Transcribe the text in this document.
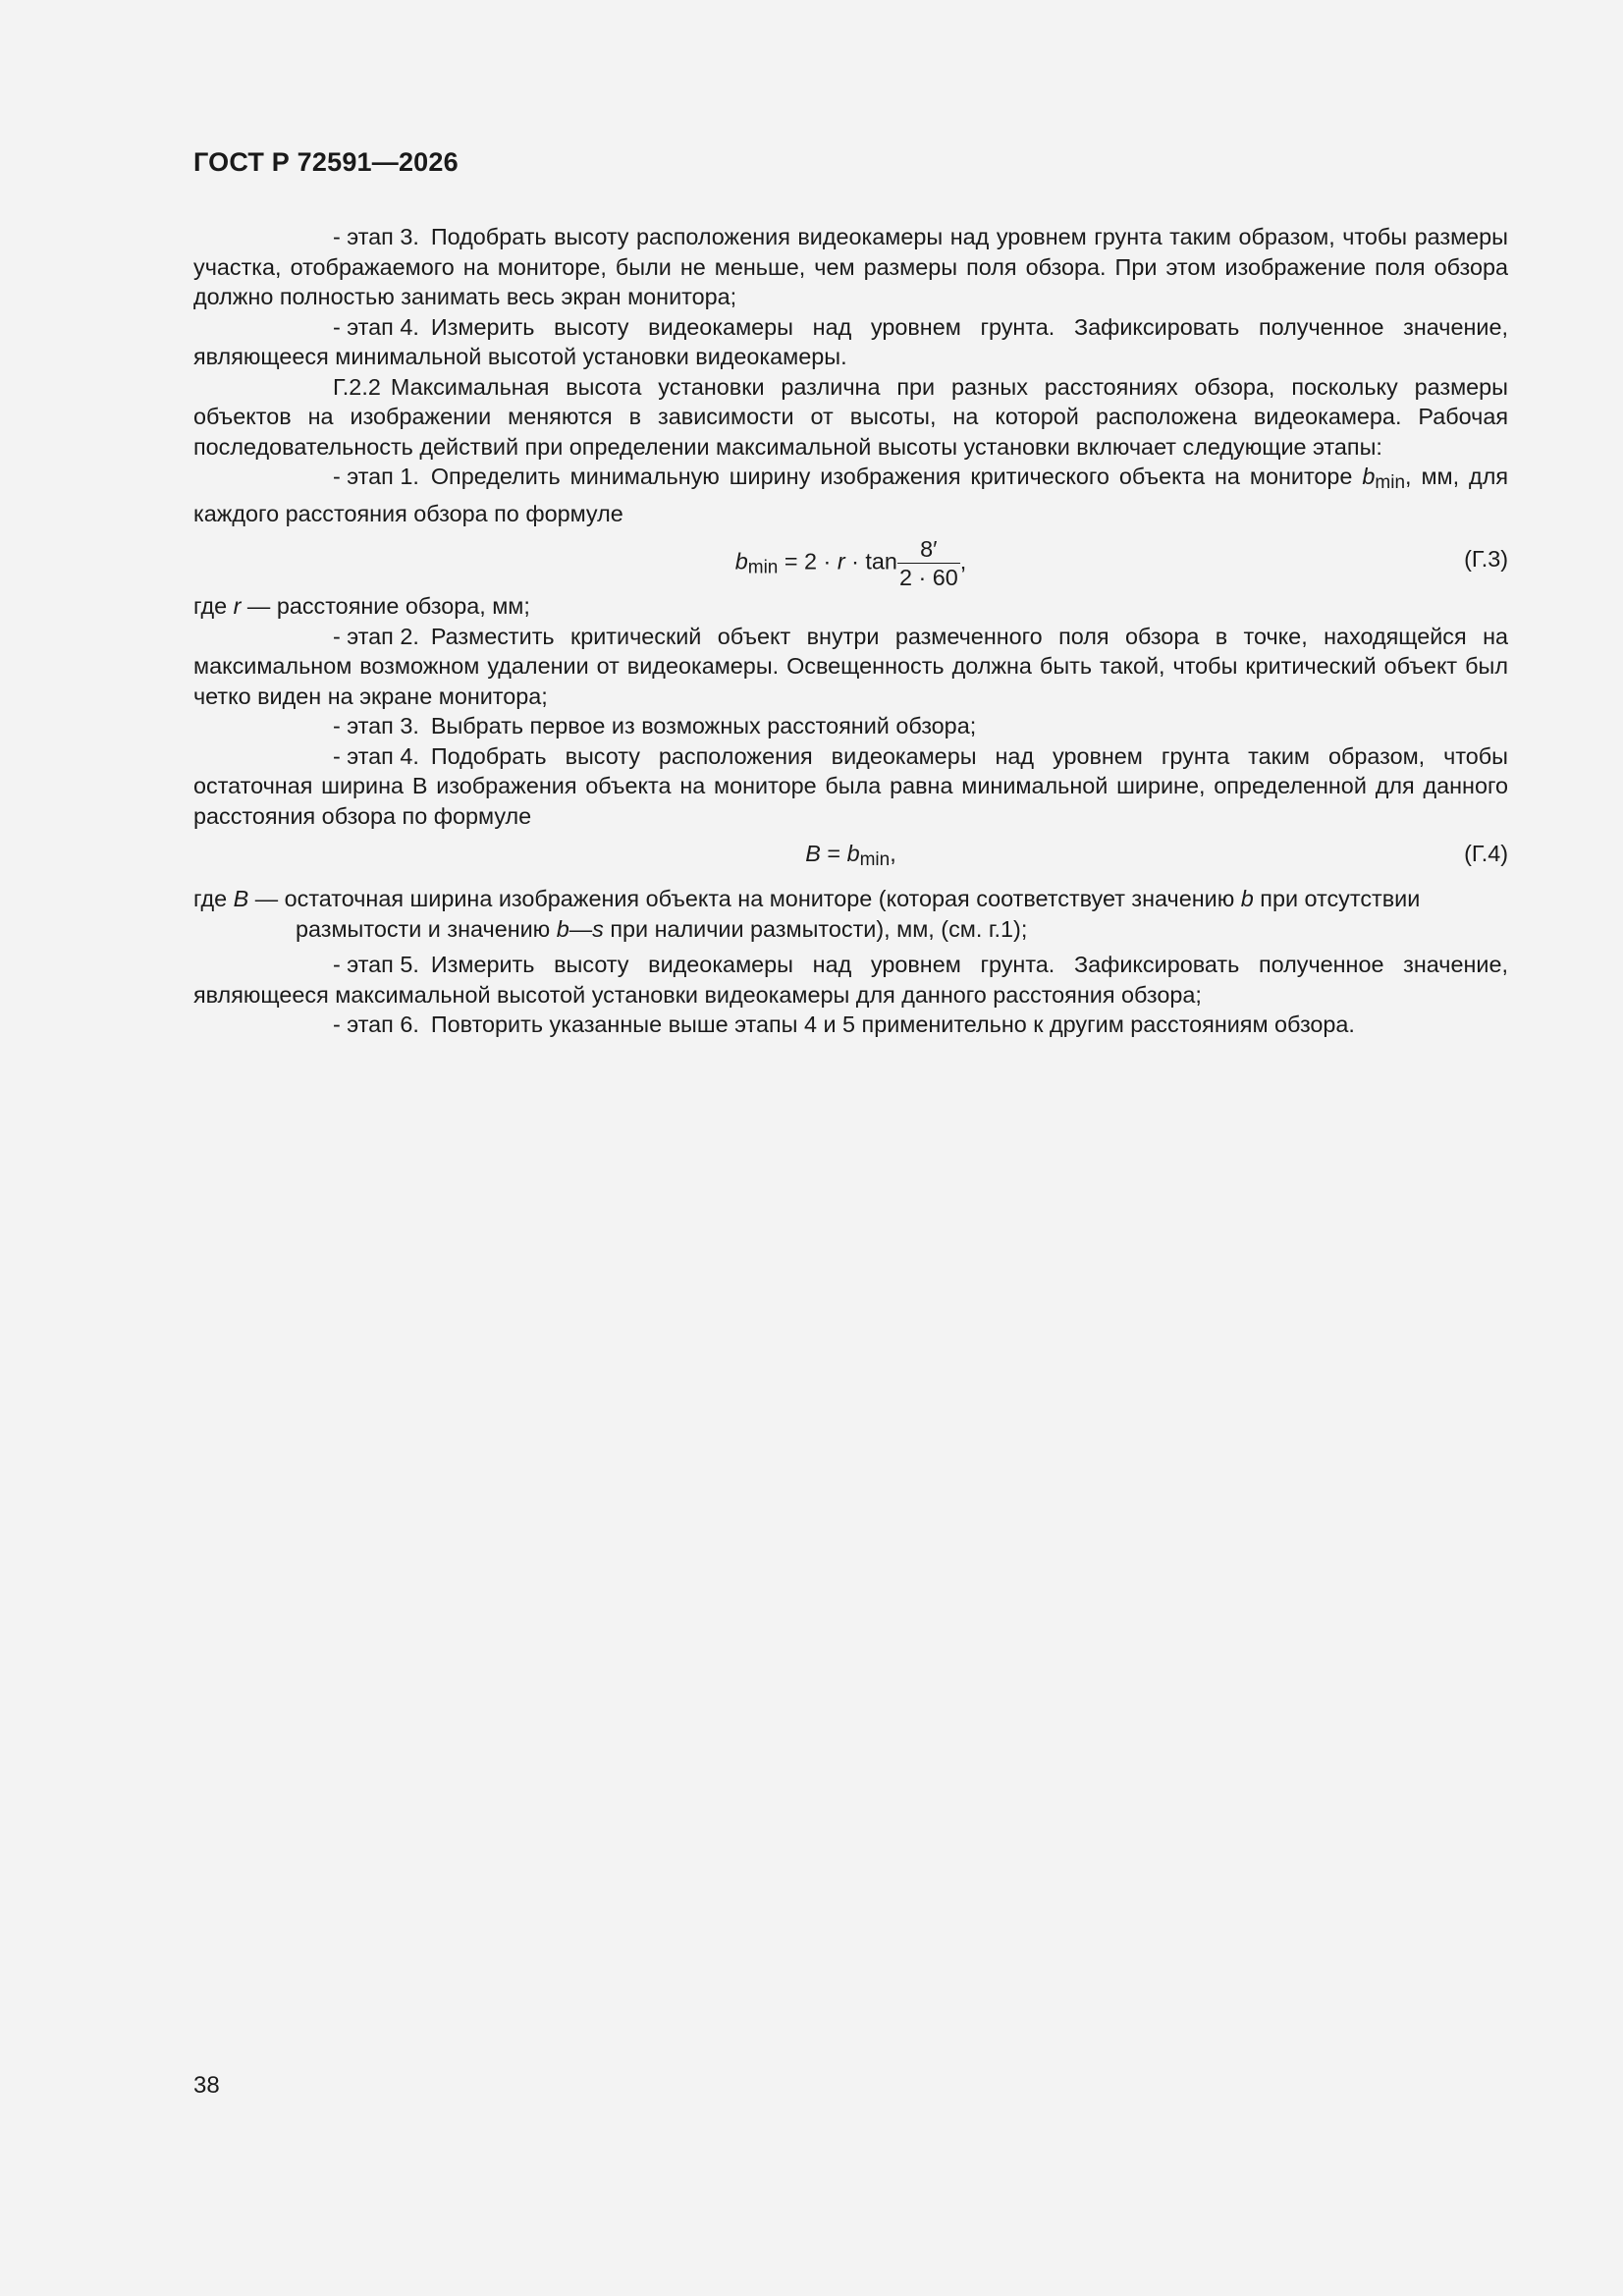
ГОСТ Р 72591—2026

- этап 3. Подобрать высоту расположения видеокамеры над уровнем грунта таким образом, чтобы размеры участка, отображаемого на мониторе, были не меньше, чем размеры поля обзора. При этом изображение поля обзора должно полностью занимать весь экран монитора;

- этап 4. Измерить высоту видеокамеры над уровнем грунта. Зафиксировать полученное значение, являющееся минимальной высотой установки видеокамеры.

Г.2.2 Максимальная высота установки различна при разных расстояниях обзора, поскольку размеры объектов на изображении меняются в зависимости от высоты, на которой расположена видеокамера. Рабочая последовательность действий при определении максимальной высоты установки включает следующие этапы:

- этап 1. Определить минимальную ширину изображения критического объекта на мониторе $b_{min}$, мм, для каждого расстояния обзора по формуле

$b_{min} = 2 \cdot r \cdot \tan \frac{8'}{2 \cdot 60}$ ,	(Г.3)

где r — расстояние обзора, мм;

- этап 2. Разместить критический объект внутри размеченного поля обзора в точке, находящейся на максимальном возможном удалении от видеокамеры. Освещенность должна быть такой, чтобы критический объект был четко виден на экране монитора;

- этап 3. Выбрать первое из возможных расстояний обзора;

- этап 4. Подобрать высоту расположения видеокамеры над уровнем грунта таким образом, чтобы остаточная ширина В изображения объекта на мониторе была равна минимальной ширине, определенной для данного расстояния обзора по формуле

$B = b_{min}$,	(Г.4)

где B — остаточная ширина изображения объекта на мониторе (которая соответствует значению b при отсутствии размытости и значению b—s при наличии размытости), мм, (см. г.1);

- этап 5. Измерить высоту видеокамеры над уровнем грунта. Зафиксировать полученное значение, являющееся максимальной высотой установки видеокамеры для данного расстояния обзора;

- этап 6. Повторить указанные выше этапы 4 и 5 применительно к другим расстояниям обзора.

38
